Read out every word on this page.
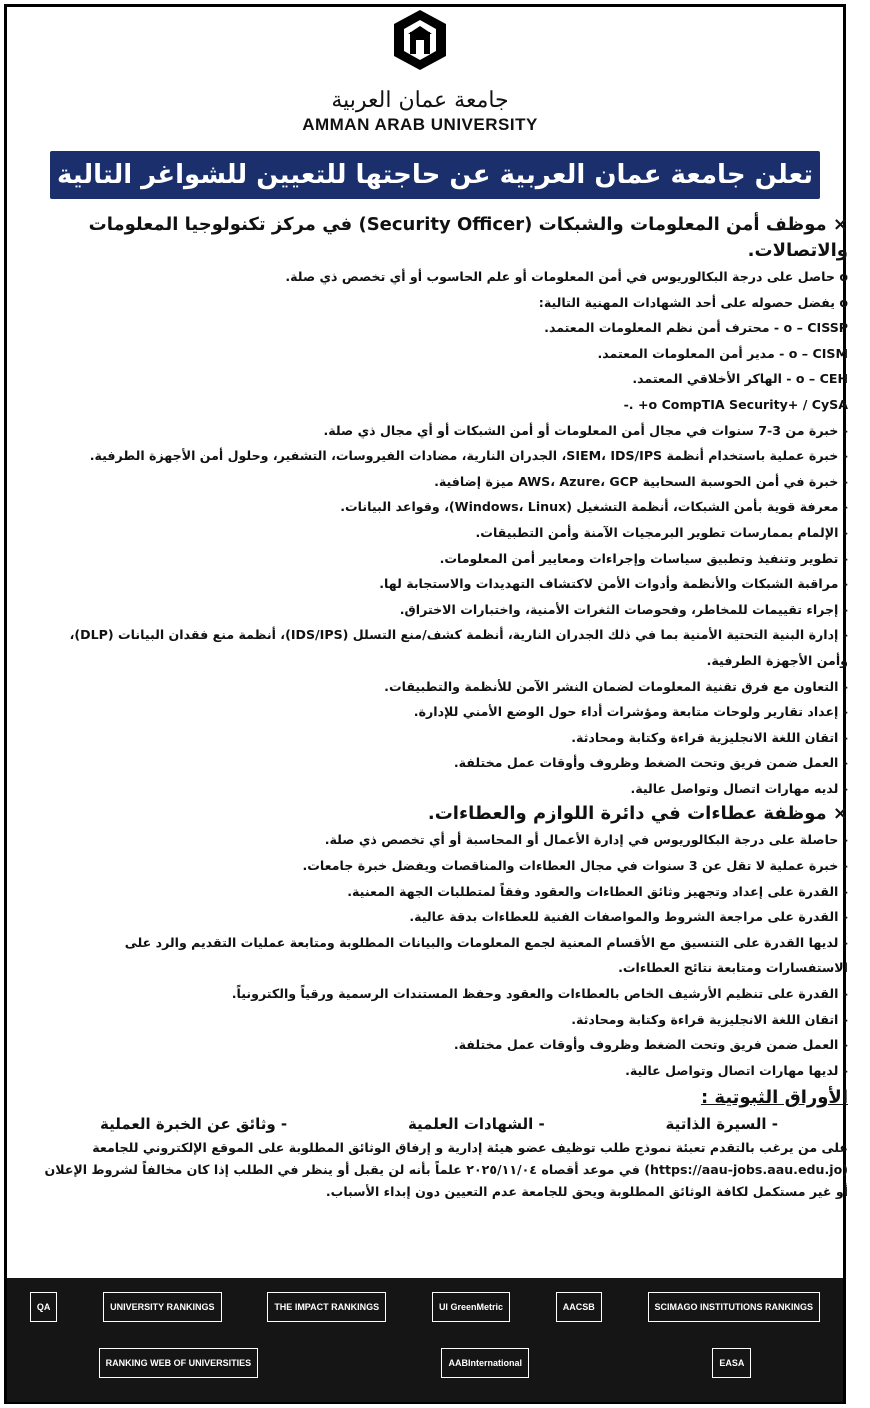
جامعة عمان العربية
AMMAN ARAB UNIVERSITY
تعلن جامعة عمان العربية عن حاجتها للتعيين للشواغر التالية
× موظف أمن المعلومات والشبكات (Security Officer) في مركز تكنولوجيا المعلومات والاتصالات.
o حاصل على درجة البكالوريوس في أمن المعلومات أو علم الحاسوب أو أي تخصص ذي صلة.
o يفضل حصوله على أحد الشهادات المهنية التالية:
o – CISSP - محترف أمن نظم المعلومات المعتمد.
o – CISM - مدير أمن المعلومات المعتمد.
o – CEH - الهاكر الأخلاقي المعتمد.
o CompTIA Security+ / CySA+ .-
- خبرة من 3-7 سنوات في مجال أمن المعلومات أو أمن الشبكات أو أي مجال ذي صلة.
- خبرة عملية باستخدام أنظمة SIEM، IDS/IPS، الجدران النارية، مضادات الفيروسات، التشفير، وحلول أمن الأجهزة الطرفية.
- خبرة في أمن الحوسبة السحابية AWS، Azure، GCP ميزة إضافية.
- معرفة قوية بأمن الشبكات، أنظمة التشغيل (Windows، Linux)، وقواعد البيانات.
- الإلمام بممارسات تطوير البرمجيات الآمنة وأمن التطبيقات.
- تطوير وتنفيذ وتطبيق سياسات وإجراءات ومعايير أمن المعلومات.
- مراقبة الشبكات والأنظمة وأدوات الأمن لاكتشاف التهديدات والاستجابة لها.
- إجراء تقييمات للمخاطر، وفحوصات الثغرات الأمنية، واختبارات الاختراق.
- إدارة البنية التحتية الأمنية بما في ذلك الجدران النارية، أنظمة كشف/منع التسلل (IDS/IPS)، أنظمة منع فقدان البيانات (DLP)، وأمن الأجهزة الطرفية.
- التعاون مع فرق تقنية المعلومات لضمان النشر الآمن للأنظمة والتطبيقات.
- إعداد تقارير ولوحات متابعة ومؤشرات أداء حول الوضع الأمني للإدارة.
- اتقان اللغة الانجليزية قراءة وكتابة ومحادثة.
- العمل ضمن فريق وتحت الضغط وظروف وأوقات عمل مختلفة.
- لديه مهارات اتصال وتواصل عالية.
× موظفة عطاءات في دائرة اللوازم والعطاءات.
- حاصلة على درجة البكالوريوس في إدارة الأعمال أو المحاسبة أو أي تخصص ذي صلة.
- خبرة عملية لا تقل عن 3 سنوات في مجال العطاءات والمناقصات ويفضل خبرة جامعات.
- القدرة على إعداد وتجهيز وثائق العطاءات والعقود وفقاً لمتطلبات الجهة المعنية.
- القدرة على مراجعة الشروط والمواصفات الفنية للعطاءات بدقة عالية.
- لديها القدرة على التنسيق مع الأقسام المعنية لجمع المعلومات والبيانات المطلوبة ومتابعة عمليات التقديم والرد على الاستفسارات ومتابعة نتائج العطاءات.
- القدرة على تنظيم الأرشيف الخاص بالعطاءات والعقود وحفظ المستندات الرسمية ورقياً والكترونياً.
- اتقان اللغة الانجليزية قراءة وكتابة ومحادثة.
- العمل ضمن فريق وتحت الضغط وظروف وأوقات عمل مختلفة.
- لديها مهارات اتصال وتواصل عالية.
الأوراق الثبوتية :
- السيرة الذاتية
- الشهادات العلمية
- وثائق عن الخبرة العملية
على من يرغب بالتقدم تعبئة نموذج طلب توظيف عضو هيئة إدارية و إرفاق الوثائق المطلوبة على الموقع الإلكتروني للجامعة (https://aau-jobs.aau.edu.jo) في موعد أقصاه ٢٠٢٥/١١/٠٤ علماً بأنه لن يقبل أو ينظر في الطلب إذا كان مخالفاً لشروط الإعلان أو غير مستكمل لكافة الوثائق المطلوبة ويحق للجامعة عدم التعيين دون إبداء الأسباب.
QA	UNIVERSITY RANKINGS	THE IMPACT RANKINGS	UI GreenMetric	AACSB	SCIMAGO INSTITUTIONS RANKINGS
RANKING WEB OF UNIVERSITIES	AABInternational	EASA
